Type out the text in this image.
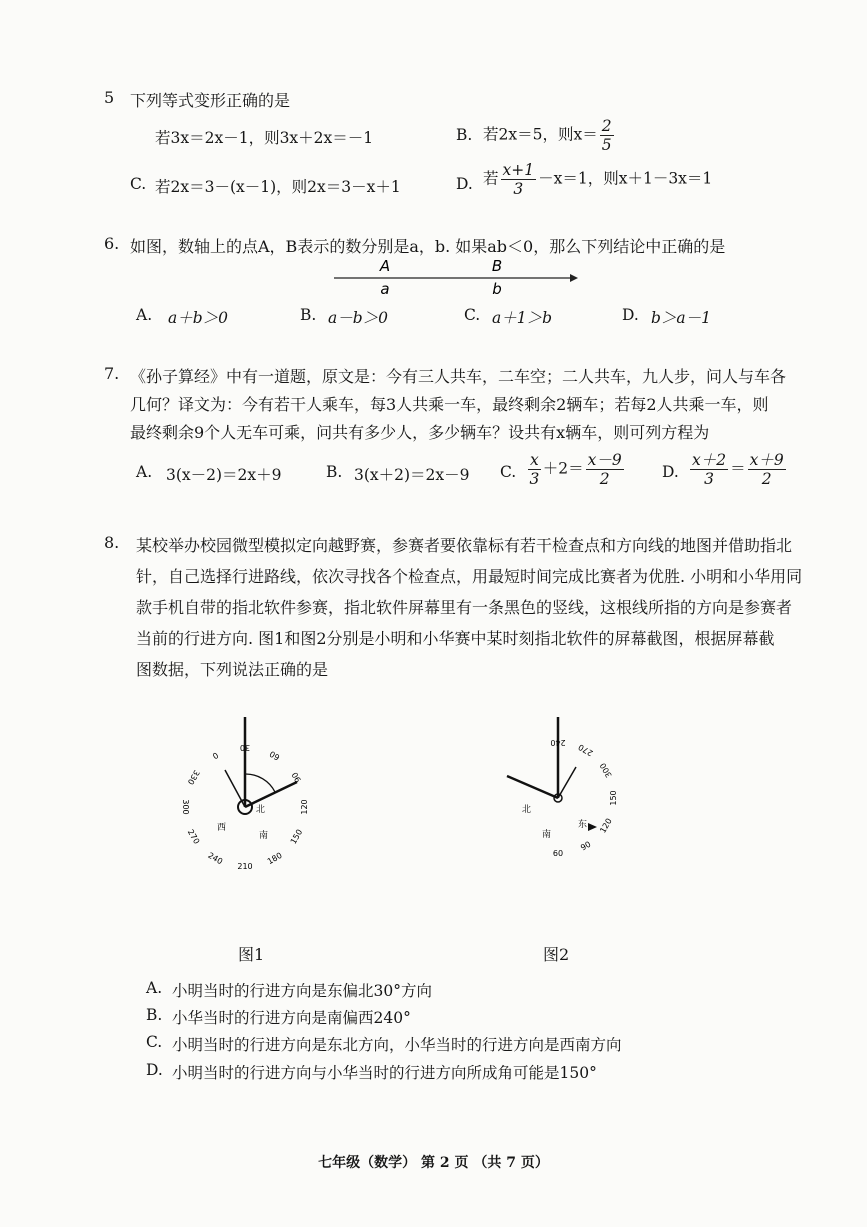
5 下列等式变形正确的是
若3x＝2x－1，则3x＋2x＝－1	B. 若2x＝5，则$x= \frac{2}{5}$
C. 若2x＝3－(x－1)，则2x＝3－x＋1	D. 若 $\frac{x+1}{3} -x=1$，则x＋1－3x＝1
6. 如图，数轴上的点A，B表示的数分别是a，b. 如果ab＜0，那么下列结论中正确的是
A
a
B
b
A. a＋b＞0	B. a－b＞0	C. a＋1＞b	D. b＞a－1
7. 《孙子算经》中有一道题，原文是：今有三人共车，二车空；二人共车，九人步，问人与车各
几何？译文为：今有若干人乘车，每3人共乘一车，最终剩余2辆车；若每2人共乘一车，则
最终剩余9个人无车可乘，问共有多少人，多少辆车？设共有x辆车，则可列方程为
A. 3(x－2)＝2x＋9	B. 3(x＋2)＝2x－9 C. $\frac{x}{3} +2= \frac{x-9}{2} D$. $\frac{x+2}{3} = \frac{x+9}{2}$
8. 某校举办校园微型模拟定向越野赛，参赛者要依靠标有若干检查点和方向线的地图并借助指北
针，自己选择行进路线，依次寻找各个检查点，用最短时间完成比赛者为优胜. 小明和小华用同
款手机自带的指北软件参赛，指北软件屏幕里有一条黑色的竖线，这根线所指的方向是参赛者
当前的行进方向. 图1和图2分别是小明和小华赛中某时刻指北软件的屏幕截图，根据屏幕截
图数据，下列说法正确的是
30
60
90
120
150
180
210
240
270
300
330
0
北
西
南
240 270
300
150
120
90
60
北
东
南
图1	图2
A. 小明当时的行进方向是东偏北30°方向
B. 小华当时的行进方向是南偏西240°
C. 小明当时的行进方向是东北方向，小华当时的行进方向是西南方向
D. 小明当时的行进方向与小华当时的行进方向所成角可能是150°
七年级（数学） 第 2 页 （共 7 页）
